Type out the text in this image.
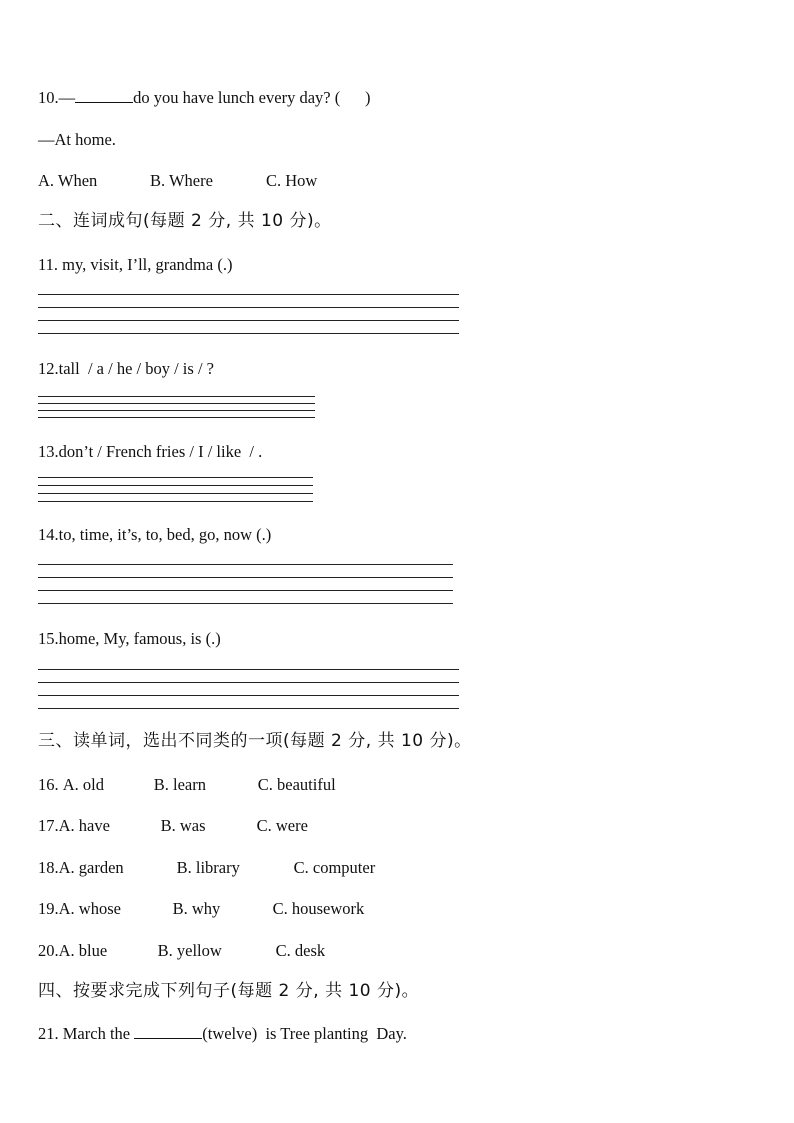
10.—	do you have lunch every day? (      )
—At home.
A. When	B. Where	C. How
二、连词成句(每题 2 分, 共 10 分)。
11. my, visit, I’ll, grandma (.)
12.tall  / a / he / boy / is / ?
13.don’t / French fries / I / like  / .
14.to, time, it’s, to, bed, go, now (.)
15.home, My, famous, is (.)
三、读单词，选出不同类的一项(每题 2 分, 共 10 分)。
16. A. old	B. learn	C. beautiful
17.A. have	B. was	C. were
18.A. garden	B. library	C. computer
19.A. whose	B. why	C. housework
20.A. blue	B. yellow	C. desk
四、按要求完成下列句子(每题 2 分, 共 10 分)。
21. March the	(twelve)  is Tree planting  Day.
